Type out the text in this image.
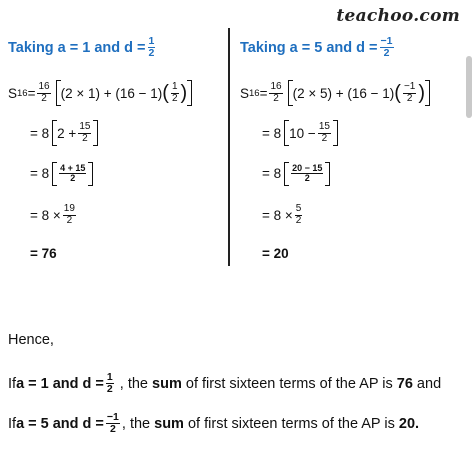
teachoo.com
Taking a = 1 and $d = \frac{1}{2}$
S $16 = \frac{16}{2} (2 \times 1) + (16 - 1)$ ( $\frac{1}{2}$ )
= 8 $2 + \frac{15}{2}$
= $8 \frac{4 + 15}{2}$
= $8 \times \frac{19}{2}$
= 76
Taking a = 5 and $d = \frac{-1}{2}$
S $16 = \frac{16}{2} (2 \times 5) + (16 - 1)$ ( $\frac{-1}{2}$ )
= 8 $10 - \frac{15}{2}$
= $8 \frac{20 - 15}{2}$
= $8 \times \frac{5}{2}$
= 20
Hence,
If a = 1 and $d = \frac{1}{2}$ , the sum of first sixteen terms of the AP is 76 and
If a = 5 and $d = \frac{-1}{2}$ , the sum of first sixteen terms of the AP is 20.
